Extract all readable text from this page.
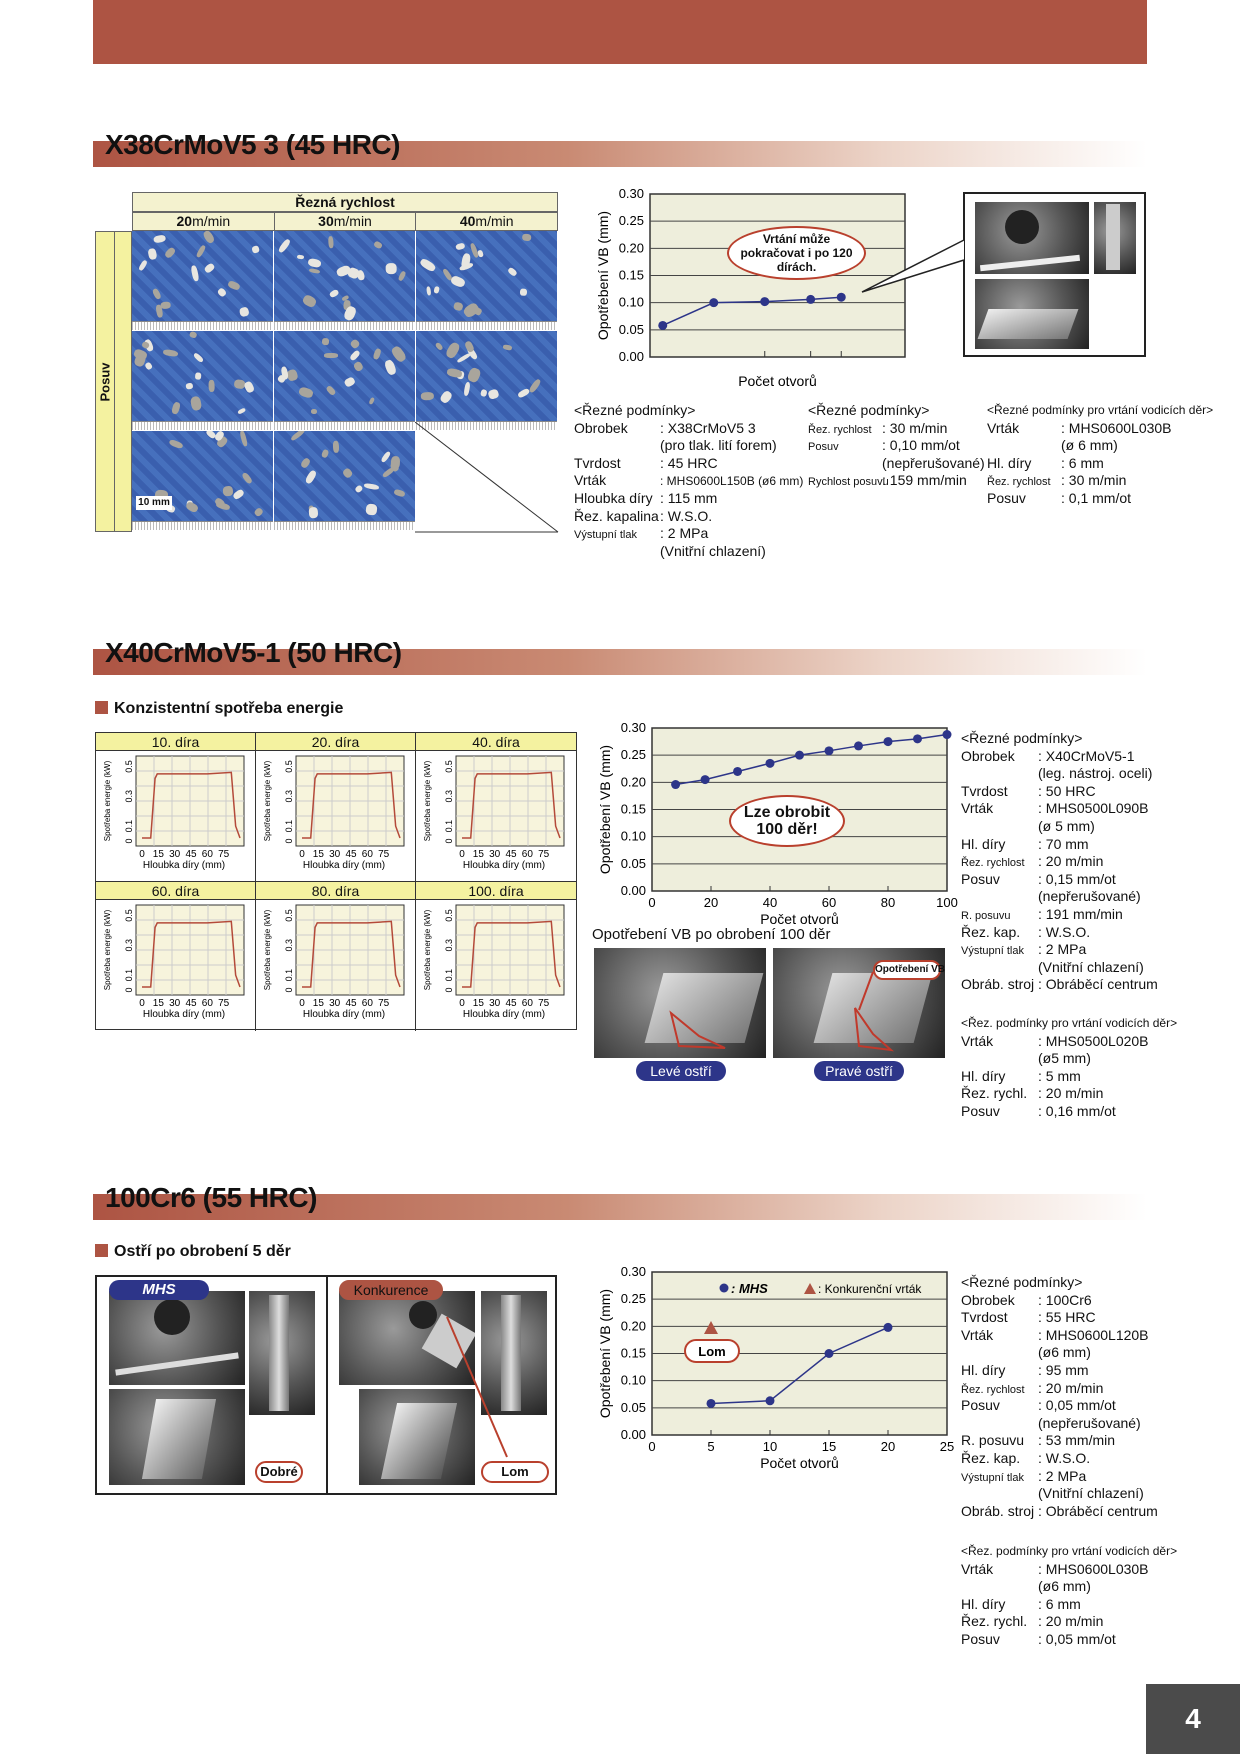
X38CrMoV5 3 (45 HRC)
Řezná rychlost
20m/min	30m/min	40m/min
Posuv
10 mm
0.00
0.05
0.10
0.15
0.20
0.25
0.30
Opotřebení VB (mm)
Počet otvorů
Vrtání může pokračovat i po 120 dírách.
<Řezné podmínky>
Obrobek : X38CrMoV5 3
(pro tlak. lití forem)
Tvrdost	: 45 HRC
Vrták	: MHS0600L150B (ø6 mm)
Hloubka díry : 115 mm
Řez. kapalina: W.S.O.
Výstupní tlak : 2 MPa
(Vnitřní chlazení)
<Řezné podmínky>
Řez. rychlost : 30 m/min
Posuv	: 0,10 mm/ot
(nepřerušované)
Rychlost posuvu: 159 mm/min
<Řezné podmínky pro vrtání vodicích děr>
Vrták	: MHS0600L030B
(ø 6 mm)
Hl. díry : 6 mm
Řez. rychlost : 30 m/min
Posuv	: 0,1 mm/ot
X40CrMoV5-1 (50 HRC)
Konzistentní spotřeba energie
10. díra
0
0.1
0.3
0.5
0 15 30 45 60 75
Hloubka díry (mm)
Spotřeba energie (kW)
20. díra
0
0.1
0.3
0.5
0 15 30 45 60 75
Hloubka díry (mm)
Spotřeba energie (kW)
40. díra
0
0.1
0.3
0.5
0 15 30 45 60 75
Hloubka díry (mm)
Spotřeba energie (kW)
60. díra
0
0.1
0.3
0.5
0 15 30 45 60 75
Hloubka díry (mm)
Spotřeba energie (kW)
80. díra
0
0.1
0.3
0.5
0 15 30 45 60 75
Hloubka díry (mm)
Spotřeba energie (kW)
100. díra
0
0.1
0.3
0.5
0 15 30 45 60 75
Hloubka díry (mm)
Spotřeba energie (kW)
0.00
0.05
0.10
0.15
0.20
0.25
0.30
0	20	40	60	80	100
Opotřebení VB (mm)
Počet otvorů
Lze obrobit 100 děr!
Opotřebení VB po obrobení 100 děr
Opotřebení VB
Levé ostří	Pravé ostří
<Řezné podmínky>
Obrobek : X40CrMoV5-1
(leg. nástroj. oceli)
Tvrdost : 50 HRC
Vrták	: MHS0500L090B
(ø 5 mm)
Hl. díry : 70 mm
Řez. rychlost : 20 m/min
Posuv	: 0,15 mm/ot
(nepřerušované)
R. posuvu : 191 mm/min
Řez. kap. : W.S.O.
Výstupní tlak : 2 MPa
(Vnitřní chlazení)
Obráb. stroj : Obráběcí centrum
<Řez. podmínky pro vrtání vodicích děr>
Vrták	: MHS0500L020B
(ø5 mm)
Hl. díry : 5 mm
Řez. rychl. : 20 m/min
Posuv	: 0,16 mm/ot
100Cr6 (55 HRC)
Ostří po obrobení 5 děr
MHS
Dobré
Konkurence
Lom
0.00
0.05
0.10
0.15
0.20
0.25
0.30
0	5	10	15	20	25
Opotřebení VB (mm)
Počet otvorů
: MHS	: Konkurenční vrták
Lom
<Řezné podmínky>
Obrobek : 100Cr6
Tvrdost : 55 HRC
Vrták	: MHS0600L120B
(ø6 mm)
Hl. díry : 95 mm
Řez. rychlost : 20 m/min
Posuv	: 0,05 mm/ot
(nepřerušované)
R. posuvu : 53 mm/min
Řez. kap. : W.S.O.
Výstupní tlak : 2 MPa
(Vnitřní chlazení)
Obráb. stroj : Obráběcí centrum
<Řez. podmínky pro vrtání vodicích děr>
Vrták	: MHS0600L030B
(ø6 mm)
Hl. díry : 6 mm
Řez. rychl. : 20 m/min
Posuv	: 0,05 mm/ot
4
